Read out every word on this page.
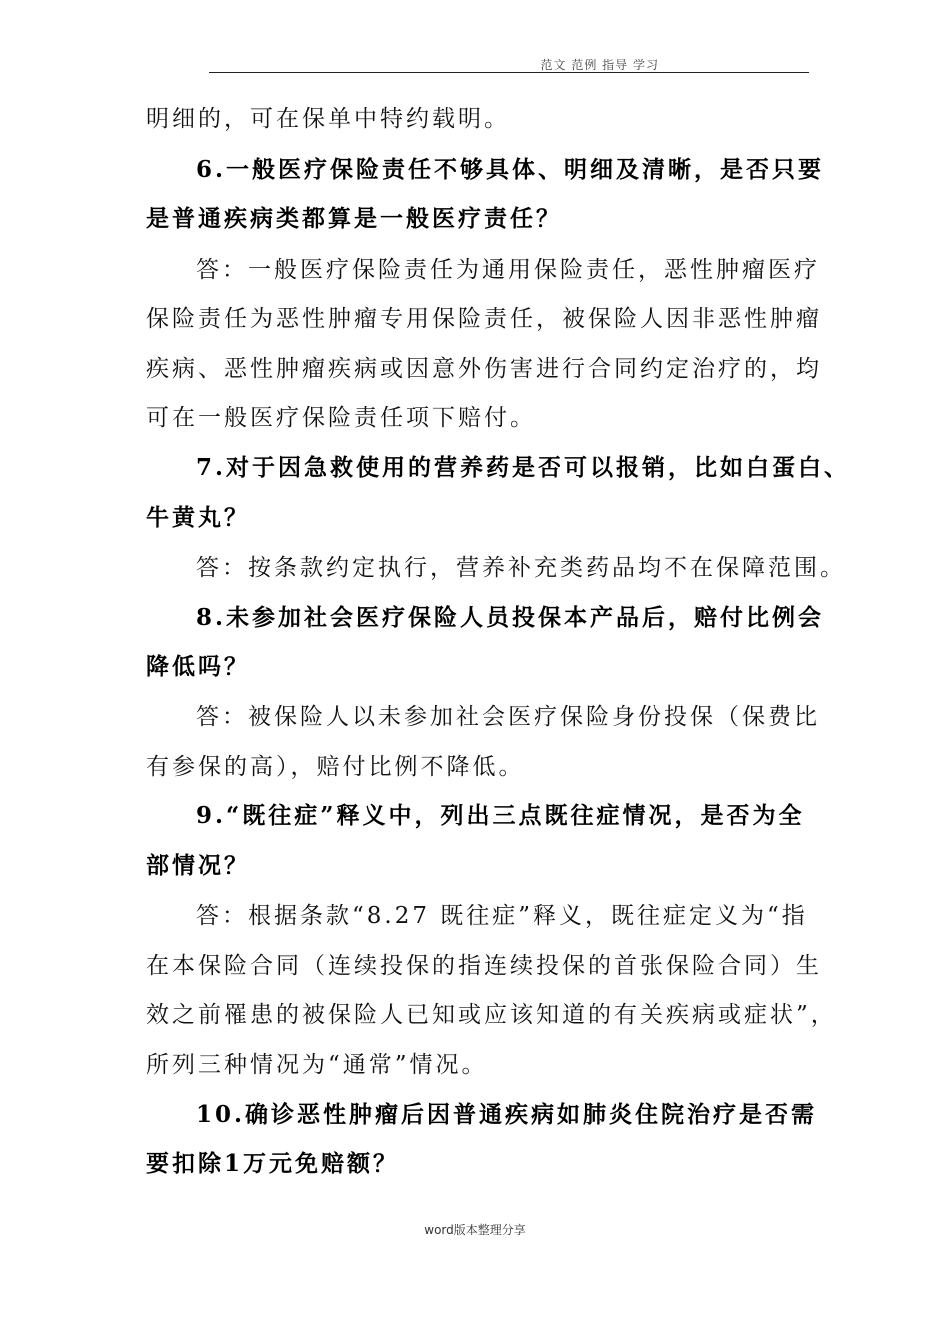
范文 范例 指导 学习
明细的，可在保单中特约载明。
6.一般医疗保险责任不够具体、明细及清晰，是否只要
是普通疾病类都算是一般医疗责任？
答：一般医疗保险责任为通用保险责任，恶性肿瘤医疗
保险责任为恶性肿瘤专用保险责任，被保险人因非恶性肿瘤
疾病、恶性肿瘤疾病或因意外伤害进行合同约定治疗的，均
可在一般医疗保险责任项下赔付。
7.对于因急救使用的营养药是否可以报销，比如白蛋白、
牛黄丸？
答：按条款约定执行，营养补充类药品均不在保障范围。
8.未参加社会医疗保险人员投保本产品后，赔付比例会
降低吗？
答：被保险人以未参加社会医疗保险身份投保（保费比
有参保的高），赔付比例不降低。
9.“既往症”释义中，列出三点既往症情况，是否为全
部情况？
答：根据条款“8.27 既往症”释义，既往症定义为“指
在本保险合同（连续投保的指连续投保的首张保险合同）生
效之前罹患的被保险人已知或应该知道的有关疾病或症状”，
所列三种情况为“通常”情况。
10.确诊恶性肿瘤后因普通疾病如肺炎住院治疗是否需
要扣除1万元免赔额？
word版本整理分享
